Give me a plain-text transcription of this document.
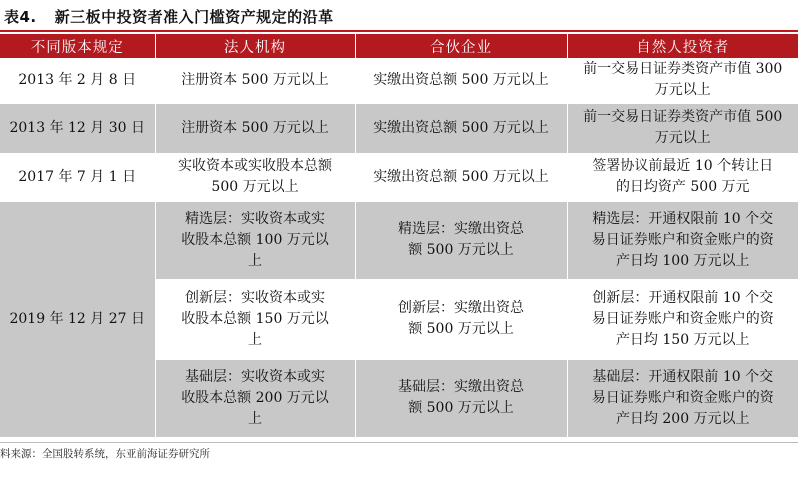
表4. 新三板中投资者准入门槛资产规定的沿革
不同版本规定	法人机构	合伙企业	自然人投资者
2013 年 2 月 8 日	注册资本 500 万元以上	实缴出资总额 500 万元以上	前一交易日证券类资产市值 300 万元以上
2013 年 12 月 30 日	注册资本 500 万元以上	实缴出资总额 500 万元以上	前一交易日证券类资产市值 500 万元以上
2017 年 7 月 1 日	实收资本或实收股本总额 500 万元以上	实缴出资总额 500 万元以上	签署协议前最近 10 个转让日的日均资产 500 万元
2019 年 12 月 27 日	精选层：实收资本或实收股本总额 100 万元以上	精选层：实缴出资总额 500 万元以上	精选层：开通权限前 10 个交易日证券账户和资金账户的资产日均 100 万元以上
	创新层：实收资本或实收股本总额 150 万元以上	创新层：实缴出资总额 500 万元以上	创新层：开通权限前 10 个交易日证券账户和资金账户的资产日均 150 万元以上
	基础层：实收资本或实收股本总额 200 万元以上	基础层：实缴出资总额 500 万元以上	基础层：开通权限前 10 个交易日证券账户和资金账户的资产日均 200 万元以上
料来源：全国股转系统，东亚前海证券研究所
